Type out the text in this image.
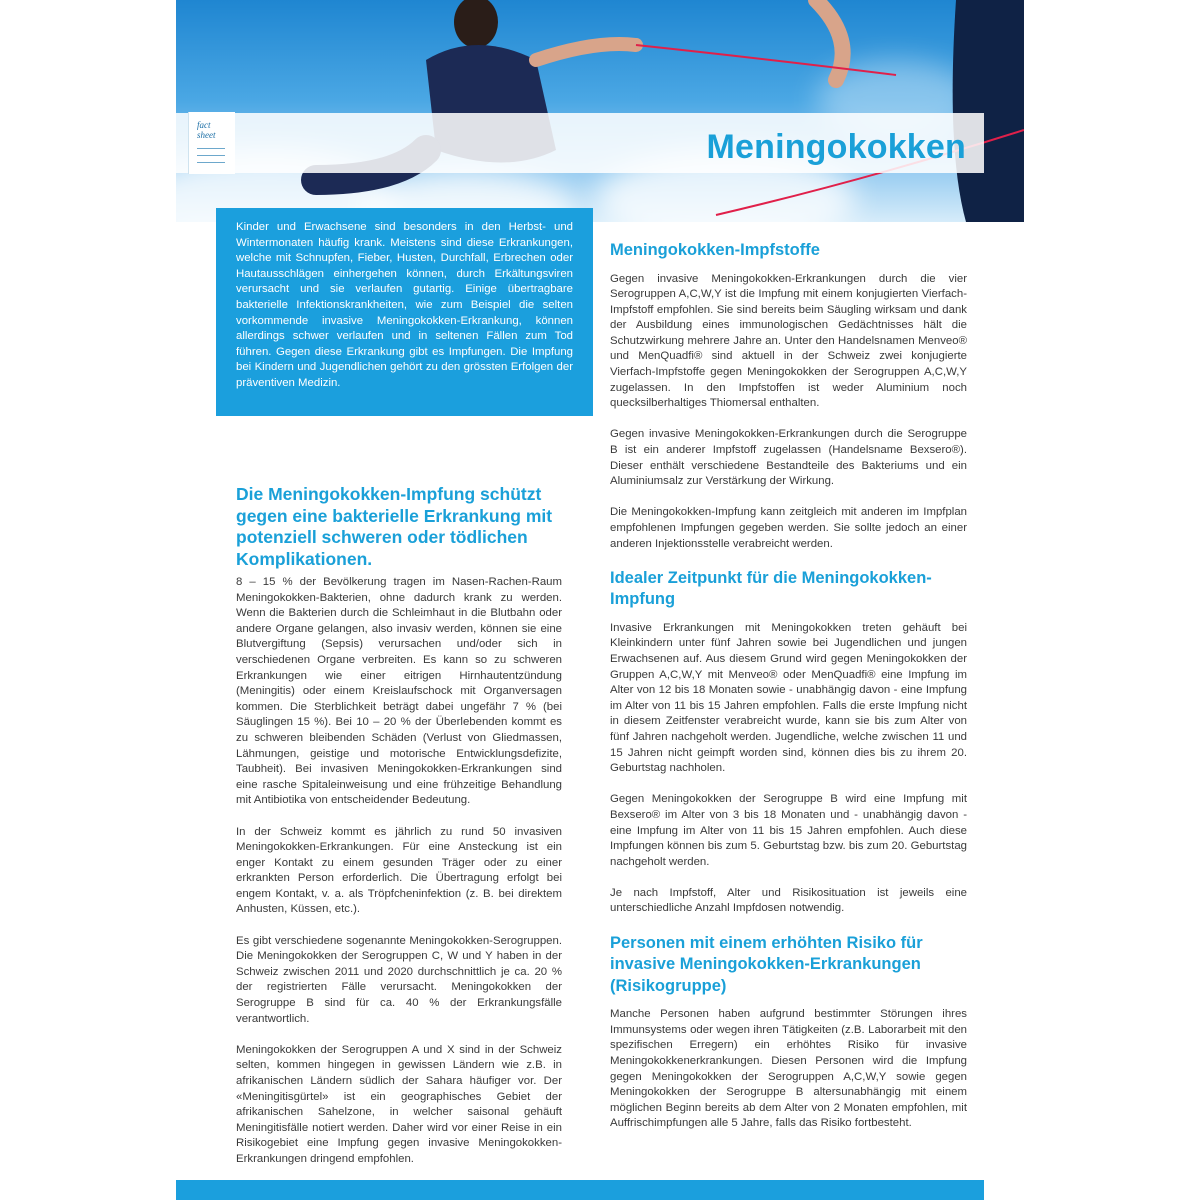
fact
sheet	Meningokokken
Kinder und Erwachsene sind besonders in den Herbst- und Wintermonaten häufig krank. Meistens sind diese Erkrankungen, welche mit Schnupfen, Fieber, Husten, Durchfall, Erbrechen oder Hautausschlägen einhergehen können, durch Erkältungsviren verursacht und sie verlaufen gutartig. Einige übertragbare bakterielle Infektionskrankheiten, wie zum Beispiel die selten vorkommende invasive Meningokokken-Erkrankung, können allerdings schwer verlaufen und in seltenen Fällen zum Tod führen. Gegen diese Erkrankung gibt es Impfungen. Die Impfung bei Kindern und Jugendlichen gehört zu den grössten Erfolgen der präventiven Medizin.
Die Meningokokken-Impfung schützt gegen eine bakterielle Erkrankung mit potenziell schweren oder tödlichen Komplikationen.
8 – 15 % der Bevölkerung tragen im Nasen-Rachen-Raum Meningokokken-Bakterien, ohne dadurch krank zu werden. Wenn die Bakterien durch die Schleimhaut in die Blutbahn oder andere Organe gelangen, also invasiv werden, können sie eine Blutvergiftung (Sepsis) verursachen und/oder sich in verschiedenen Organe verbreiten. Es kann so zu schweren Erkrankungen wie einer eitrigen Hirnhautentzündung (Meningitis) oder einem Kreislaufschock mit Organversagen kommen. Die Sterblichkeit beträgt dabei ungefähr 7 % (bei Säuglingen 15 %). Bei 10 – 20 % der Überlebenden kommt es zu schweren bleibenden Schäden (Verlust von Gliedmassen, Lähmungen, geistige und motorische Entwicklungsdefizite, Taubheit). Bei invasiven Meningokokken-Erkrankungen sind eine rasche Spitaleinweisung und eine frühzeitige Behandlung mit Antibiotika von entscheidender Bedeutung.
In der Schweiz kommt es jährlich zu rund 50 invasiven Meningokokken-Erkrankungen. Für eine Ansteckung ist ein enger Kontakt zu einem gesunden Träger oder zu einer erkrankten Person erforderlich. Die Übertragung erfolgt bei engem Kontakt, v. a. als Tröpfcheninfektion (z. B. bei direktem Anhusten, Küssen, etc.).
Es gibt verschiedene sogenannte Meningokokken-Serogruppen. Die Meningokokken der Serogruppen C, W und Y haben in der Schweiz zwischen 2011 und 2020 durchschnittlich je ca. 20 % der registrierten Fälle verursacht. Meningokokken der Serogruppe B sind für ca. 40 % der Erkrankungsfälle verantwortlich.
Meningokokken der Serogruppen A und X sind in der Schweiz selten, kommen hingegen in gewissen Ländern wie z.B. in afrikanischen Ländern südlich der Sahara häufiger vor. Der «Meningitisgürtel» ist ein geographisches Gebiet der afrikanischen Sahelzone, in welcher saisonal gehäuft Meningitisfälle notiert werden. Daher wird vor einer Reise in ein Risikogebiet eine Impfung gegen invasive Meningokokken-Erkrankungen dringend empfohlen.
Meningokokken-Impfstoffe
Gegen invasive Meningokokken-Erkrankungen durch die vier Serogruppen A,C,W,Y ist die Impfung mit einem konjugierten Vierfach-Impfstoff empfohlen. Sie sind bereits beim Säugling wirksam und dank der Ausbildung eines immunologischen Gedächtnisses hält die Schutzwirkung mehrere Jahre an. Unter den Handelsnamen Menveo® und MenQuadfi® sind aktuell in der Schweiz zwei konjugierte Vierfach-Impfstoffe gegen Meningokokken der Serogruppen A,C,W,Y zugelassen. In den Impfstoffen ist weder Aluminium noch quecksilberhaltiges Thiomersal enthalten.
Gegen invasive Meningokokken-Erkrankungen durch die Serogruppe B ist ein anderer Impfstoff zugelassen (Handelsname Bexsero®). Dieser enthält verschiedene Bestandteile des Bakteriums und ein Aluminiumsalz zur Verstärkung der Wirkung.
Die Meningokokken-Impfung kann zeitgleich mit anderen im Impfplan empfohlenen Impfungen gegeben werden. Sie sollte jedoch an einer anderen Injektionsstelle verabreicht werden.
Idealer Zeitpunkt für die Meningokokken-Impfung
Invasive Erkrankungen mit Meningokokken treten gehäuft bei Kleinkindern unter fünf Jahren sowie bei Jugendlichen und jungen Erwachsenen auf. Aus diesem Grund wird gegen Meningokokken der Gruppen A,C,W,Y mit Menveo® oder MenQuadfi® eine Impfung im Alter von 12 bis 18 Monaten sowie - unabhängig davon - eine Impfung im Alter von 11 bis 15 Jahren empfohlen. Falls die erste Impfung nicht in diesem Zeitfenster verabreicht wurde, kann sie bis zum Alter von fünf Jahren nachgeholt werden. Jugendliche, welche zwischen 11 und 15 Jahren nicht geimpft worden sind, können dies bis zu ihrem 20. Geburtstag nachholen.
Gegen Meningokokken der Serogruppe B wird eine Impfung mit Bexsero® im Alter von 3 bis 18 Monaten und - unabhängig davon - eine Impfung im Alter von 11 bis 15 Jahren empfohlen. Auch diese Impfungen können bis zum 5. Geburtstag bzw. bis zum 20. Geburtstag nachgeholt werden.
Je nach Impfstoff, Alter und Risikosituation ist jeweils eine unterschiedliche Anzahl Impfdosen notwendig.
Personen mit einem erhöhten Risiko für invasive Meningokokken-Erkrankungen (Risikogruppe)
Manche Personen haben aufgrund bestimmter Störungen ihres Immunsystems oder wegen ihren Tätigkeiten (z.B. Laborarbeit mit den spezifischen Erregern) ein erhöhtes Risiko für invasive Meningokokkenerkrankungen. Diesen Personen wird die Impfung gegen Meningokokken der Serogruppen A,C,W,Y sowie gegen Meningokokken der Serogruppe B altersunabhängig mit einem möglichen Beginn bereits ab dem Alter von 2 Monaten empfohlen, mit Auffrischimpfungen alle 5 Jahre, falls das Risiko fortbesteht.
